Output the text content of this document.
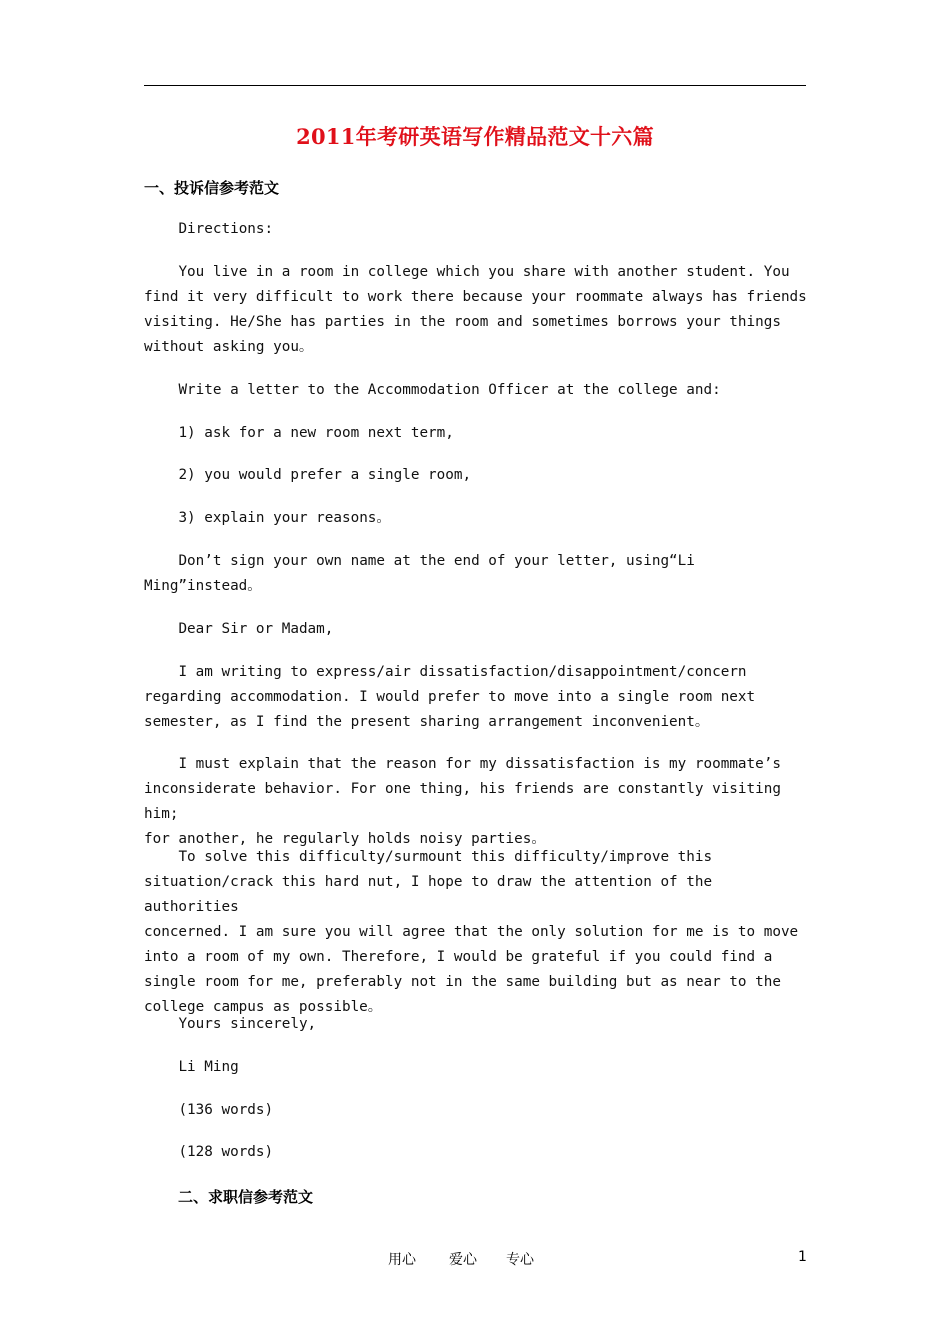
2011年考研英语写作精品范文十六篇
一、投诉信参考范文

Directions:

You live in a room in college which you share with another student. You
find it very difficult to work there because your roommate always has friends
visiting. He/She has parties in the room and sometimes borrows your things
without asking you。

Write a letter to the Accommodation Officer at the college and:

1) ask for a new room next term,

2) you would prefer a single room,

3) explain your reasons。

Don’t sign your own name at the end of your letter, using“Li
Ming”instead。

Dear Sir or Madam,

I am writing to express/air dissatisfaction/disappointment/concern
regarding accommodation. I would prefer to move into a single room next
semester, as I find the present sharing arrangement inconvenient。

I must explain that the reason for my dissatisfaction is my roommate’s
inconsiderate behavior. For one thing, his friends are constantly visiting him;
for another, he regularly holds noisy parties。

To solve this difficulty/surmount this difficulty/improve this
situation/crack this hard nut, I hope to draw the attention of the authorities
concerned. I am sure you will agree that the only solution for me is to move
into a room of my own. Therefore, I would be grateful if you could find a
single room for me, preferably not in the same building but as near to the
college campus as possible。

Yours sincerely,

Li Ming

(136 words)

(128 words)

二、求职信参考范文
用心 爱心 专心	1
